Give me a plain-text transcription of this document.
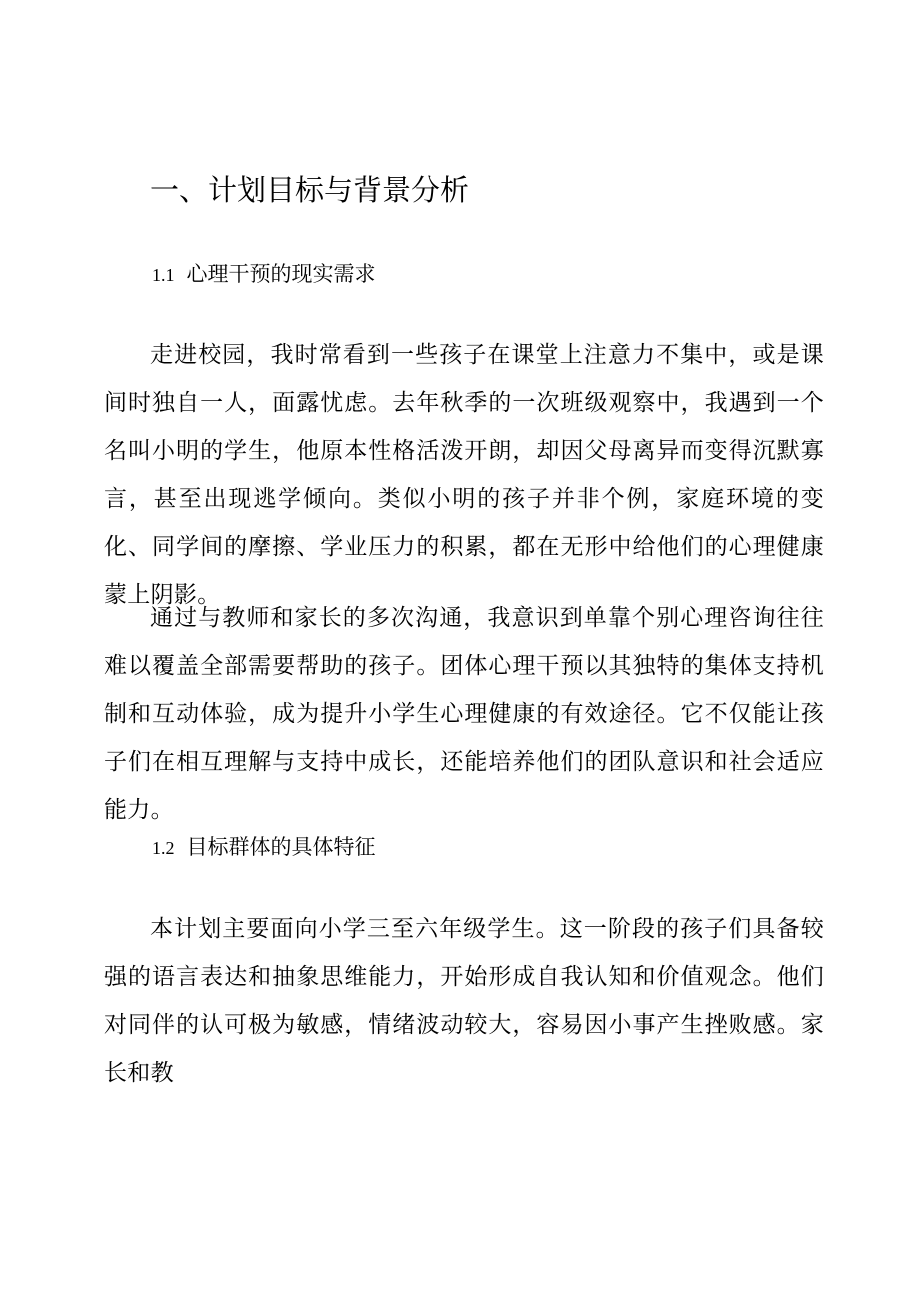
一、计划目标与背景分析
1.1 心理干预的现实需求

走进校园，我时常看到一些孩子在课堂上注意力不集中，或是课间时独自一人，面露忧虑。去年秋季的一次班级观察中，我遇到一个名叫小明的学生，他原本性格活泼开朗，却因父母离异而变得沉默寡言，甚至出现逃学倾向。类似小明的孩子并非个例，家庭环境的变化、同学间的摩擦、学业压力的积累，都在无形中给他们的心理健康蒙上阴影。

通过与教师和家长的多次沟通，我意识到单靠个别心理咨询往往难以覆盖全部需要帮助的孩子。团体心理干预以其独特的集体支持机制和互动体验，成为提升小学生心理健康的有效途径。它不仅能让孩子们在相互理解与支持中成长，还能培养他们的团队意识和社会适应能力。

1.2 目标群体的具体特征

本计划主要面向小学三至六年级学生。这一阶段的孩子们具备较强的语言表达和抽象思维能力，开始形成自我认知和价值观念。他们对同伴的认可极为敏感，情绪波动较大，容易因小事产生挫败感。家长和教
